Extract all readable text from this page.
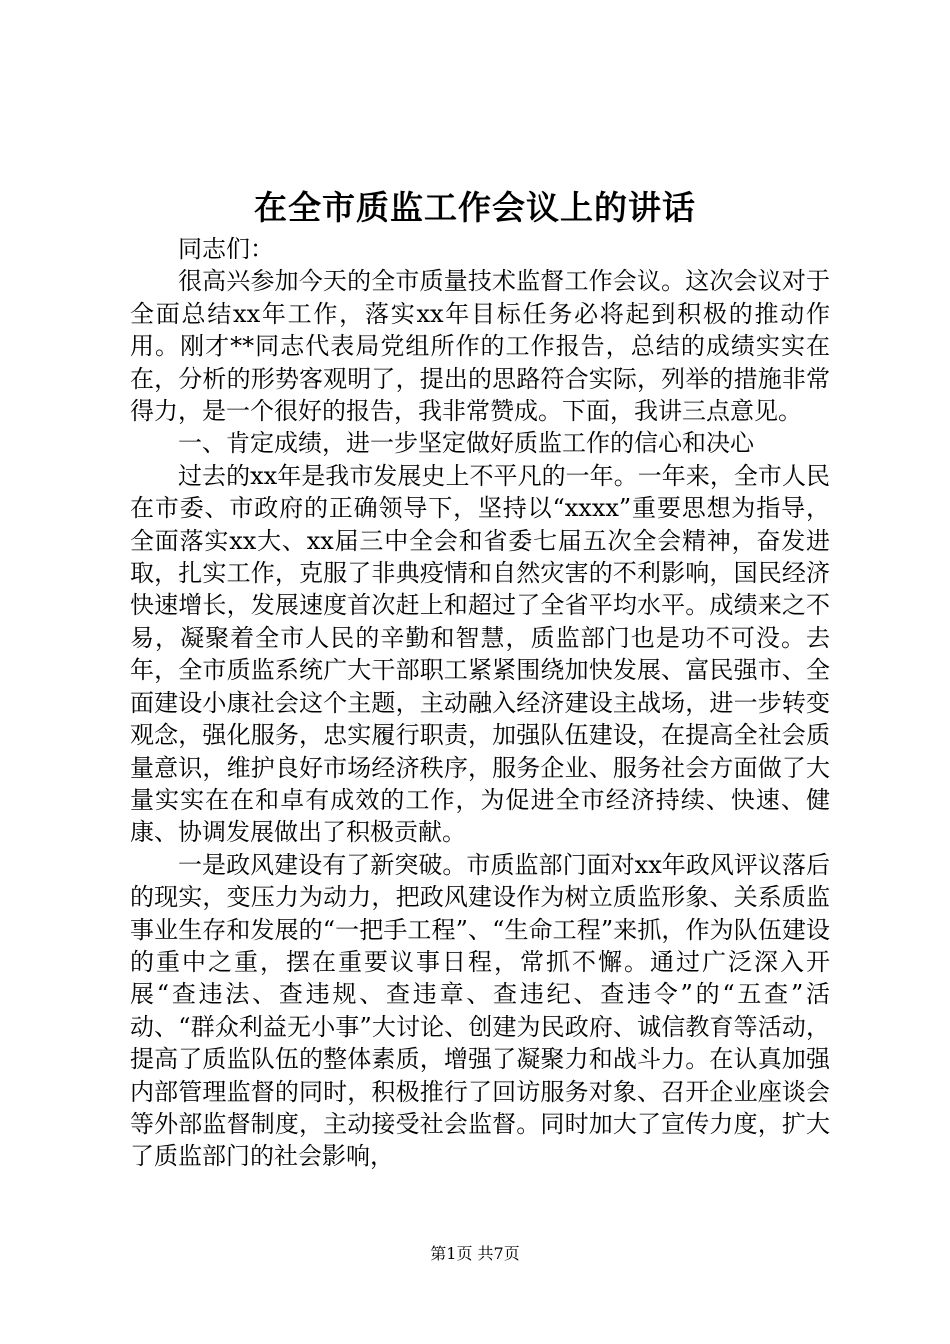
在全市质监工作会议上的讲话

同志们：

很高兴参加今天的全市质量技术监督工作会议。这次会议对于全面总结xx年工作，落实xx年目标任务必将起到积极的推动作用。刚才**同志代表局党组所作的工作报告，总结的成绩实实在在，分析的形势客观明了，提出的思路符合实际，列举的措施非常得力，是一个很好的报告，我非常赞成。下面，我讲三点意见。

一、肯定成绩，进一步坚定做好质监工作的信心和决心

过去的xx年是我市发展史上不平凡的一年。一年来，全市人民在市委、市政府的正确领导下，坚持以“xxxx”重要思想为指导，全面落实xx大、xx届三中全会和省委七届五次全会精神，奋发进取，扎实工作，克服了非典疫情和自然灾害的不利影响，国民经济快速增长，发展速度首次赶上和超过了全省平均水平。成绩来之不易，凝聚着全市人民的辛勤和智慧，质监部门也是功不可没。去年，全市质监系统广大干部职工紧紧围绕加快发展、富民强市、全面建设小康社会这个主题，主动融入经济建设主战场，进一步转变观念，强化服务，忠实履行职责，加强队伍建设，在提高全社会质量意识，维护良好市场经济秩序，服务企业、服务社会方面做了大量实实在在和卓有成效的工作，为促进全市经济持续、快速、健康、协调发展做出了积极贡献。

一是政风建设有了新突破。市质监部门面对xx年政风评议落后的现实，变压力为动力，把政风建设作为树立质监形象、关系质监事业生存和发展的“一把手工程”、“生命工程”来抓，作为队伍建设的重中之重，摆在重要议事日程，常抓不懈。通过广泛深入开展“查违法、查违规、查违章、查违纪、查违令”的“五查”活动、“群众利益无小事”大讨论、创建为民政府、诚信教育等活动，提高了质监队伍的整体素质，增强了凝聚力和战斗力。在认真加强内部管理监督的同时，积极推行了回访服务对象、召开企业座谈会等外部监督制度，主动接受社会监督。同时加大了宣传力度，扩大了质监部门的社会影响，

第1页 共7页
